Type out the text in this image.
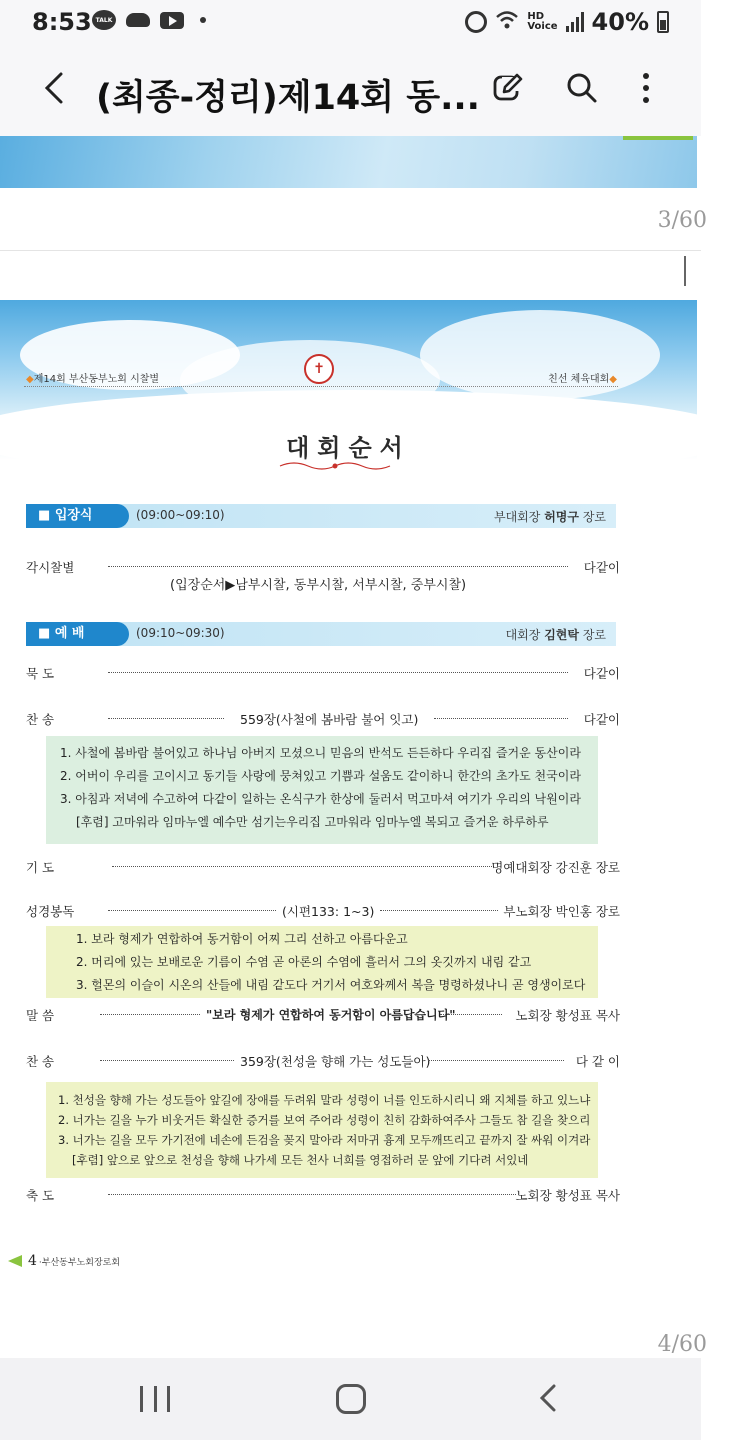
8:53 TALK	HD
Voice 40%
(최종-정리)제14회 동...
3/60
◆제14회 부산동부노회 시찰별	친선 체육대회◆
✝
대회순서
■ 입장식	(09:00~09:10)	부대회장 허명구 장로
각시찰별	다같이
(입장순서▶남부시찰, 동부시찰, 서부시찰, 중부시찰)
■ 예 배	(09:10~09:30)	대회장 김현탁 장로
묵 도	다같이
찬 송	559장(사철에 봄바람 불어 잇고)	다같이
1. 사철에 봄바람 불어있고 하나님 아버지 모셨으니 믿음의 반석도 든든하다 우리집 즐거운 동산이라
2. 어버이 우리를 고이시고 동기들 사랑에 뭉쳐있고 기쁨과 설움도 같이하니 한간의 초가도 천국이라
3. 아침과 저녁에 수고하여 다같이 일하는 온식구가 한상에 둘러서 먹고마셔 여기가 우리의 낙원이라
[후렴] 고마워라 임마누엘 예수만 섬기는우리집 고마워라 임마누엘 복되고 즐거운 하루하루
기 도	명예대회장 강진훈 장로
성경봉독	(시편133: 1~3)	부노회장 박인홍 장로
1. 보라 형제가 연합하여 동거함이 어찌 그리 선하고 아름다운고
2. 머리에 있는 보배로운 기름이 수염 곧 아론의 수염에 흘러서 그의 옷깃까지 내림 같고
3. 헐몬의 이슬이 시온의 산들에 내림 같도다 거기서 여호와께서 복을 명령하셨나니 곧 영생이로다
말 씀	"보라 형제가 연합하여 동거함이 아름답습니다"	노회장 황성표 목사
찬 송	359장(천성을 향해 가는 성도들아)	다 같 이
1. 천성을 향해 가는 성도들아 앞길에 장애를 두려워 말라 성령이 너를 인도하시리니 왜 지체를 하고 있느냐
2. 너가는 길을 누가 비웃거든 확실한 증거를 보여 주어라 성령이 친히 감화하여주사 그들도 참 길을 찾으리
3. 너가는 길을 모두 가기전에 네손에 든검을 꽂지 말아라 저마귀 흉계 모두깨뜨리고 끝까지 잘 싸워 이겨라
[후렴] 앞으로 앞으로 천성을 향해 나가세 모든 천사 너희를 영접하러 문 앞에 기다려 서있네
축 도	노회장 황성표 목사
4 ·부산동부노회장로회
4/60
